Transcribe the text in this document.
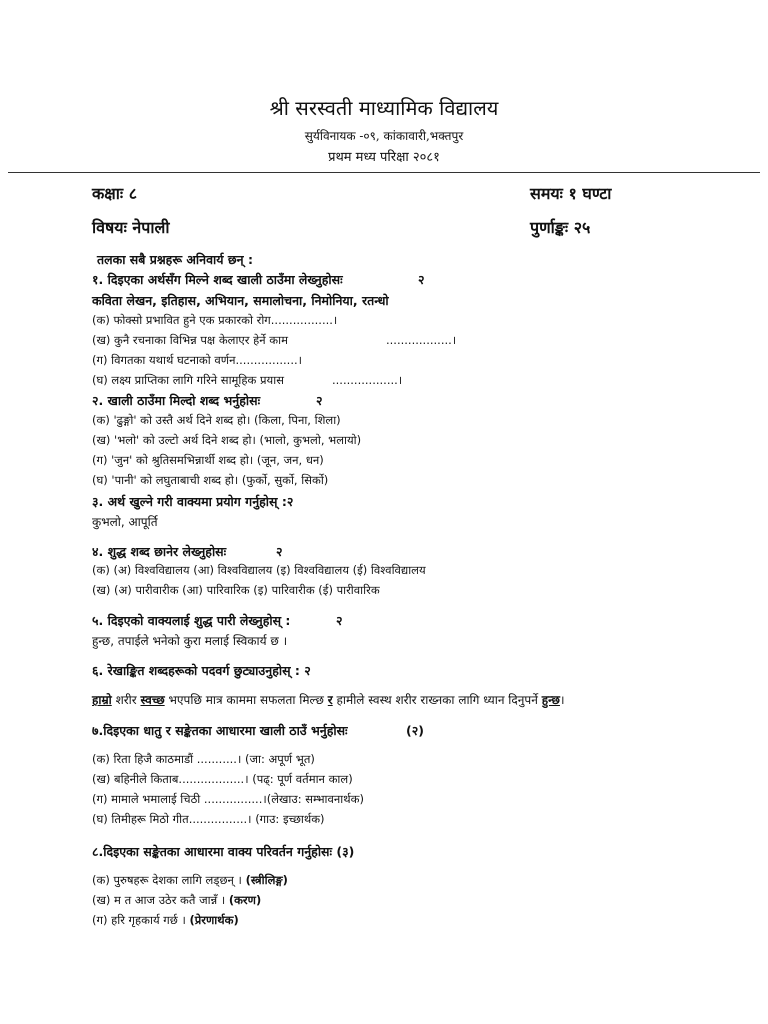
श्री सरस्वती माध्यामिक विद्यालय
सुर्यविनायक -०९, कांकावारी,भक्तपुर
प्रथम मध्य परिक्षा २०८१
कक्षाः ८	समयः १ घण्टा
विषयः नेपाली	पुर्णाङ्कः २५
तलका सबै प्रश्नहरू अनिवार्य छन् :
१. दिइएका अर्थसँग मिल्ने शब्द खाली ठाउँमा लेख्नुहोसः	२
कविता लेखन, इतिहास, अभियान, समालोचना, निमोनिया, रतन्धो
(क) फोक्सो प्रभावित हुने एक प्रकारको रोग.................।
(ख) कुनै रचनाका विभिन्न पक्ष केलाएर हेर्ने काम	..................।
(ग) विगतका यथार्थ घटनाको वर्णन.................।
(घ) लक्ष्य प्राप्तिका लागि गरिने सामूहिक प्रयास	..................।
२. खाली ठाउँमा मिल्दो शब्द भर्नुहोसः	२
(क) 'ढुङ्गो' को उस्तै अर्थ दिने शब्द हो। (किला, पिना, शिला)
(ख) 'भलो' को उल्टो अर्थ दिने शब्द हो। (भालो, कुभलो, भलायो)
(ग) 'जुन' को श्रुतिसमभिन्नार्थी शब्द हो। (जून, जन, धन)
(घ) 'पानी' को लघुताबाची शब्द हो। (फुर्को, सुर्को, सिर्को)
३. अर्थ खुल्ने गरी वाक्यमा प्रयोग गर्नुहोस् :२
कुभलो, आपूर्ति
४. शुद्ध शब्द छानेर लेख्नुहोसः	२
(क) (अ) विश्वविद्यालय (आ) विश्वविद्यालय (इ) विश्वविद्यालय (ई) विश्वविद्यालय
(ख) (अ) पारीवारीक (आ) पारिवारिक (इ) पारिवारीक (ई) पारीवारिक
५. दिइएको वाक्यलाई शुद्ध पारी लेख्नुहोस् :	२
हुन्छ, तपाईले भनेको कुरा मलाई स्विकार्य छ ।
६. रेखाङ्कित शब्दहरूको पदवर्ग छुट्याउनुहोस् : २
हाम्रो शरीर स्वच्छ भएपछि मात्र काममा सफलता मिल्छ र हामीले स्वस्थ शरीर राख्नका लागि ध्यान दिनुपर्ने हुन्छ।
७.दिइएका धातु र सङ्केतका आधारमा खाली ठाउँ भर्नुहोसः	(२)
(क) रिता हिजै काठमाडौं ...........। (जा: अपूर्ण भूत)
(ख) बहिनीले किताब..................। (पढ्: पूर्ण वर्तमान काल)
(ग) मामाले भमालाई चिठी ................।(लेखाउ: सम्भावनार्थक)
(घ) तिमीहरू मिठो गीत................। (गाउ: इच्छार्थक)
८.दिइएका सङ्केतका आधारमा वाक्य परिवर्तन गर्नुहोसः (३)
(क) पुरुषहरू देशका लागि लड्छन् । (स्त्रीलिङ्ग)
(ख) म त आज उठेर कतै जान्नँ । (करण)
(ग) हरि गृहकार्य गर्छ । (प्रेरणार्थक)
